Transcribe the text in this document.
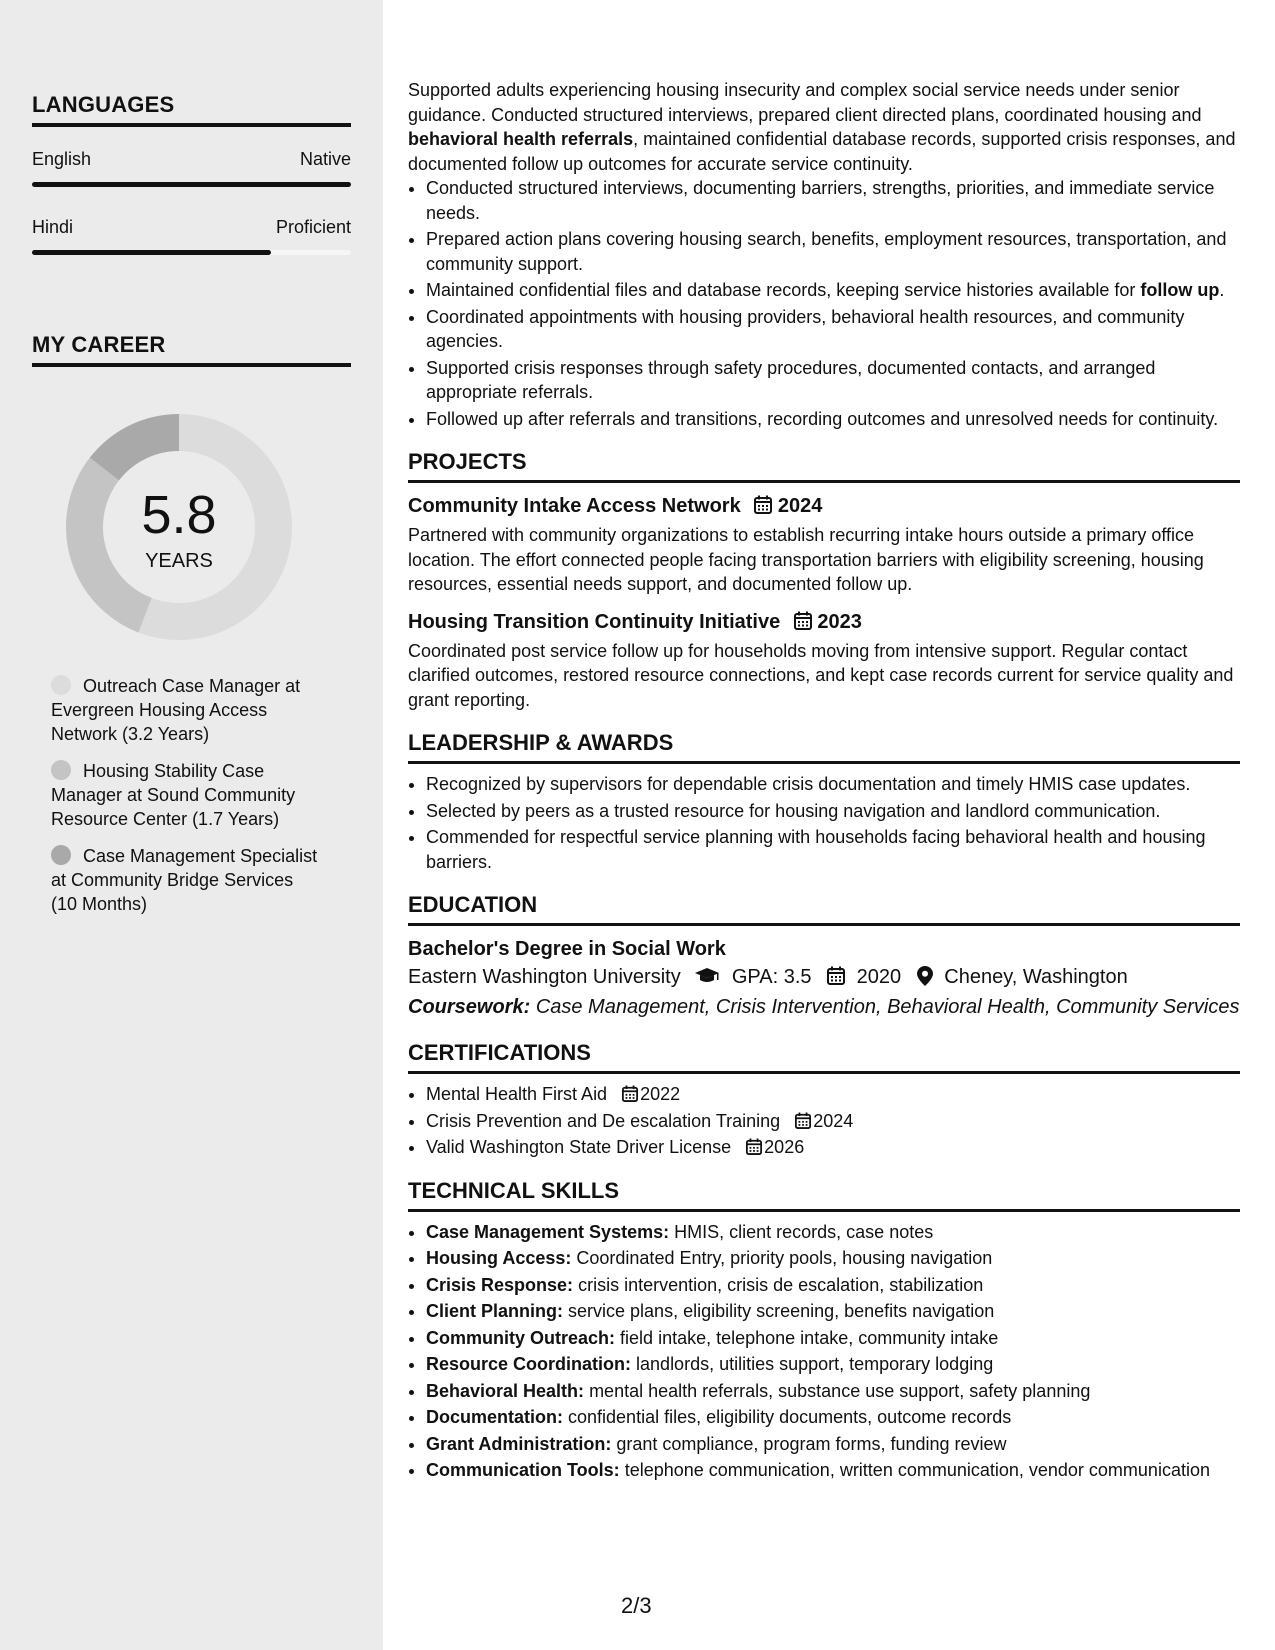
LANGUAGES
English	Native
Hindi	Proficient
MY CAREER
5.8
YEARS
Outreach Case Manager at Evergreen Housing Access Network (3.2 Years)
Housing Stability Case Manager at Sound Community Resource Center (1.7 Years)
Case Management Specialist at Community Bridge Services (10 Months)

Supported adults experiencing housing insecurity and complex social service needs under senior guidance. Conducted structured interviews, prepared client directed plans, coordinated housing and behavioral health referrals, maintained confidential database records, supported crisis responses, and documented follow up outcomes for accurate service continuity.

• Conducted structured interviews, documenting barriers, strengths, priorities, and immediate service needs.
• Prepared action plans covering housing search, benefits, employment resources, transportation, and community support.
• Maintained confidential files and database records, keeping service histories available for follow up.
• Coordinated appointments with housing providers, behavioral health resources, and community agencies.
• Supported crisis responses through safety procedures, documented contacts, and arranged appropriate referrals.
• Followed up after referrals and transitions, recording outcomes and unresolved needs for continuity.
PROJECTS
Community Intake Access Network 2024

Partnered with community organizations to establish recurring intake hours outside a primary office location. The effort connected people facing transportation barriers with eligibility screening, housing resources, essential needs support, and documented follow up.

Housing Transition Continuity Initiative 2023

Coordinated post service follow up for households moving from intensive support. Regular contact clarified outcomes, restored resource connections, and kept case records current for service quality and grant reporting.

LEADERSHIP & AWARDS
• Recognized by supervisors for dependable crisis documentation and timely HMIS case updates.
• Selected by peers as a trusted resource for housing navigation and landlord communication.
• Commended for respectful service planning with households facing behavioral health and housing barriers.
EDUCATION
Bachelor's Degree in Social Work
Eastern Washington University	GPA: 3.5 2020 Cheney, Washington
Coursework: Case Management, Crisis Intervention, Behavioral Health, Community Services
CERTIFICATIONS
• Mental Health First Aid 2022
• Crisis Prevention and De escalation Training 2024
• Valid Washington State Driver License 2026
TECHNICAL SKILLS
• Case Management Systems: HMIS, client records, case notes
• Housing Access: Coordinated Entry, priority pools, housing navigation
• Crisis Response: crisis intervention, crisis de escalation, stabilization
• Client Planning: service plans, eligibility screening, benefits navigation
• Community Outreach: field intake, telephone intake, community intake
• Resource Coordination: landlords, utilities support, temporary lodging
• Behavioral Health: mental health referrals, substance use support, safety planning
• Documentation: confidential files, eligibility documents, outcome records
• Grant Administration: grant compliance, program forms, funding review
• Communication Tools: telephone communication, written communication, vendor communication
2/3
